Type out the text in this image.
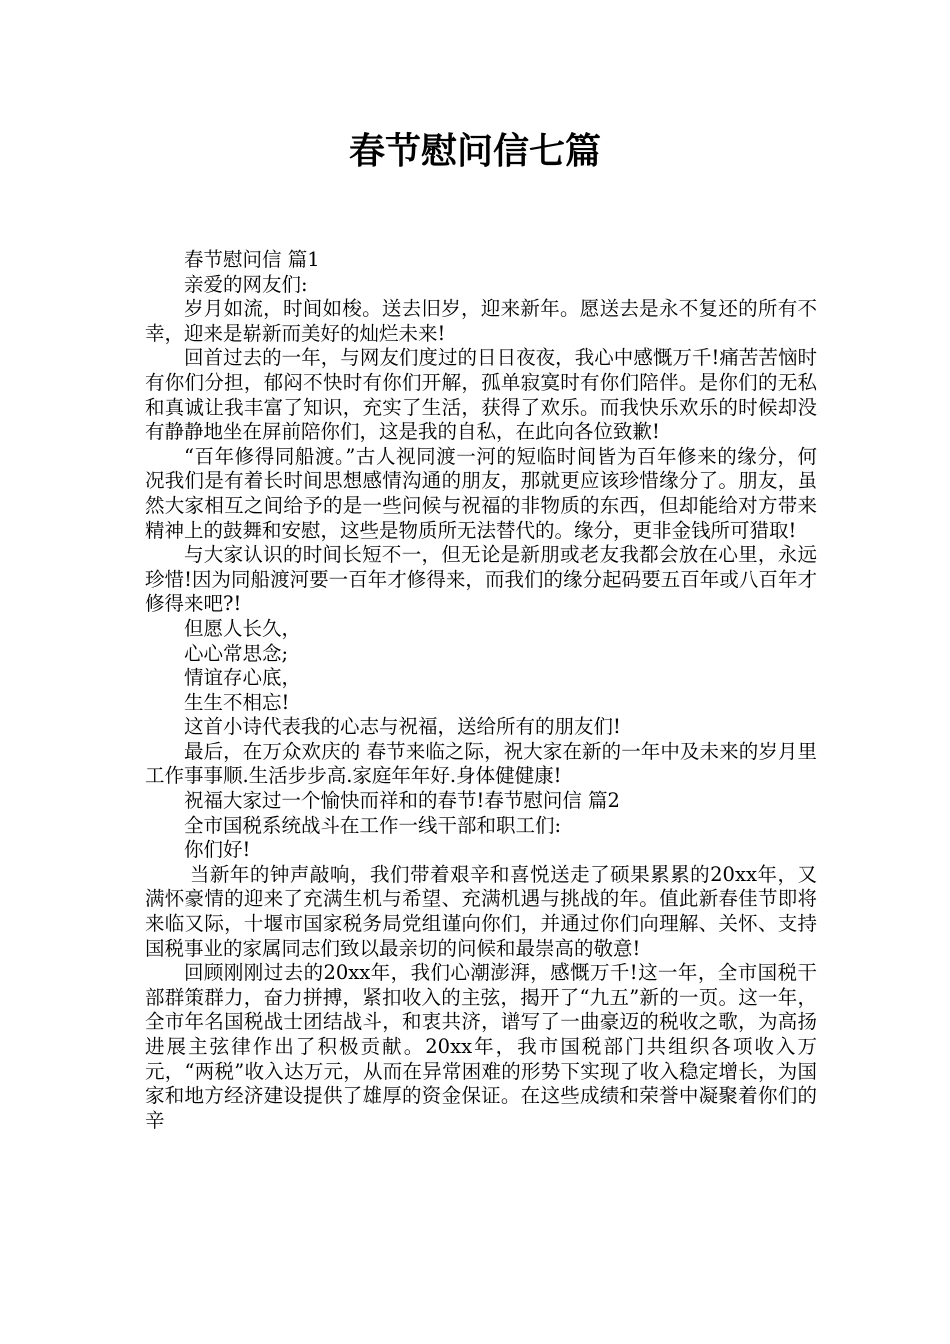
春节慰问信七篇

春节慰问信 篇1

亲爱的网友们:

岁月如流，时间如梭。送去旧岁，迎来新年。愿送去是永不复还的所有不幸，迎来是崭新而美好的灿烂未来!

回首过去的一年，与网友们度过的日日夜夜，我心中感慨万千!痛苦苦恼时有你们分担，郁闷不快时有你们开解，孤单寂寞时有你们陪伴。是你们的无私和真诚让我丰富了知识，充实了生活，获得了欢乐。而我快乐欢乐的时候却没有静静地坐在屏前陪你们，这是我的自私，在此向各位致歉!

“百年修得同船渡。”古人视同渡一河的短临时间皆为百年修来的缘分，何况我们是有着长时间思想感情沟通的朋友，那就更应该珍惜缘分了。朋友，虽然大家相互之间给予的是一些问候与祝福的非物质的东西，但却能给对方带来精神上的鼓舞和安慰，这些是物质所无法替代的。缘分，更非金钱所可猎取!

与大家认识的时间长短不一，但无论是新朋或老友我都会放在心里，永远珍惜!因为同船渡河要一百年才修得来，而我们的缘分起码要五百年或八百年才修得来吧?!

但愿人长久，

心心常思念;

情谊存心底，

生生不相忘!

这首小诗代表我的心志与祝福，送给所有的朋友们!

最后，在万众欢庆的 春节来临之际，祝大家在新的一年中及未来的岁月里工作事事顺.生活步步高.家庭年年好.身体健健康!

祝福大家过一个愉快而祥和的春节!春节慰问信 篇2

全市国税系统战斗在工作一线干部和职工们:

你们好!

当新年的钟声敲响，我们带着艰辛和喜悦送走了硕果累累的20xx年，又满怀豪情的迎来了充满生机与希望、充满机遇与挑战的年。值此新春佳节即将来临又际，十堰市国家税务局党组谨向你们，并通过你们向理解、关怀、支持国税事业的家属同志们致以最亲切的问候和最崇高的敬意!

回顾刚刚过去的20xx年，我们心潮澎湃，感慨万千!这一年，全市国税干部群策群力，奋力拼搏，紧扣收入的主弦，揭开了“九五”新的一页。这一年，全市年名国税战士团结战斗，和衷共济，谱写了一曲豪迈的税收之歌，为高扬进展主弦律作出了积极贡献。20xx年，我市国税部门共组织各项收入万元，“两税”收入达万元，从而在异常困难的形势下实现了收入稳定增长，为国家和地方经济建设提供了雄厚的资金保证。在这些成绩和荣誉中凝聚着你们的辛
